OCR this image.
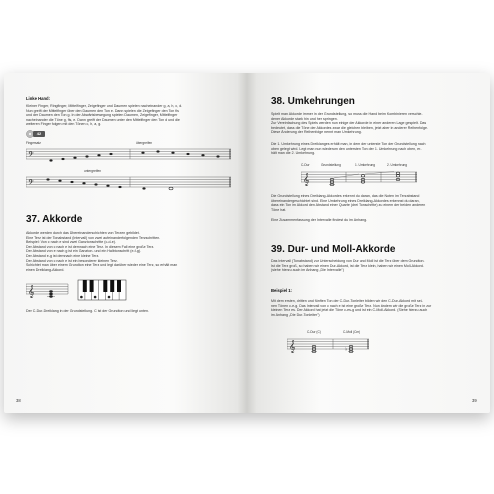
Linke Hand:
Kleiner Finger, Ringfinger, Mittelfinger, Zeigefinger und Daumen spielen nacheinander g, a, h, c, d.
Nun greift der Mittelfinger über den Daumen den Ton e. Dann spielen die Zeigefinger den Ton fis
und der Daumen den Ton g. In der Abwärtsbewegung spielen Daumen, Zeigefinger, Mittelfinger
nacheinander die Töne g, fis, e. Dann greift der Daumen unter den Mittelfinger den Ton d und die
weiteren Finger folgen mit den Tönen c, h, a, g.
42
Fingersatz	übergreifen
𝄢
untergreifen
𝄢
37. Akkorde
Akkorde werden durch das Übereinanderschichten von Terzen gebildet.
Eine Terz ist der Tonabstand (Intervall) von zwei aufeinanderfolgenden Terzschritten.
Beispiel: Von c nach e sind zwei Ganztonschritte (c-d-e).
Der Abstand von c nach e ist demnach eine Terz. In diesem Fall eine große Terz.
Der Abstand von e nach g ist ein Ganzton- und ein Halbtonschritt (e-f-g).
Der Abstand e-g ist demnach eine kleine Terz.
Der Abstand von c nach e ist ein besonderer kleinen Terz.
Schichtet man über einem Grundton eine Terz und legt darüber wieder eine Terz, so erhält man
einen Dreiklang-Akkord.
𝄞
Der C-Dur-Dreiklang in der Grundstellung. C ist der Grundton und liegt unten.
38
38. Umkehrungen
Spielt man Akkorde immer in der Grundstellung, so muss die Hand beim Kombinieren verschie-
dener Akkorde stark hin und her springen.
Zur Vereinfachung des Spiels werden nun einige der Akkorde in einer anderen Lage gespielt. Das
bedeutet, dass die Töne der Akkordes zwar die gleichen bleiben, jetzt aber in anderer Reihenfolge.
Diese Änderung der Reihenfolge nennt man Umkehrung.
Die 1. Umkehrung eines Dreiklanges erhält man, in dem der unterste Ton der Grundstellung nach
oben gelegt wird. Legt man nun wiederum den untersten Ton der 1. Umkehrung nach oben, er-
hält man die 2. Umkehrung.
C-Dur	Grundstellung	1. Umkehrung	2. Umkehrung
𝄞
Die Grundstellung eines Dreiklang-Akkordes erkennt du daran, das die Noten im Terzabstand
übereinandergeschichtet sind. Eine Umkehrung eines Dreiklang-Akkordes erkennst du daran,
dass ein Ton im Akkord den Abstand einer Quarte (drei Tonschritte) zu einem der beiden anderen
Töne hat.
Eine Zusammenfassung der Intervalle findest du im Anhang.
39. Dur- und Moll-Akkorde
Das Intervall (Tonabstand) zur Unterscheidung von Dur und Moll ist die Terz über dem Grundton.
Ist die Terz groß, so haben wir einen Dur-Akkord, ist die Terz klein, haben wir einen Moll-Akkord.
(siehe hierzu auch im Anhang „Die Intervalle")
Beispiel 1:
Mit dem ersten, dritten und fünften Ton der C-Dur-Tonleiter bilden wir den C-Dur-Akkord mit sei-
nen Tönen c-e-g. Das Intervall von c nach e ist eine große Terz. Nun ändern wir die große Terz in zur
kleinen Terz es. Der Akkord hat jetzt die Töne c-es-g und ist ein C-Moll-Akkord. (Siehe hierzu auch
im Anhang „Die Dur-Tonleiter")
C-Dur (C)	C-Moll (Cm)
𝄞	♭
39
